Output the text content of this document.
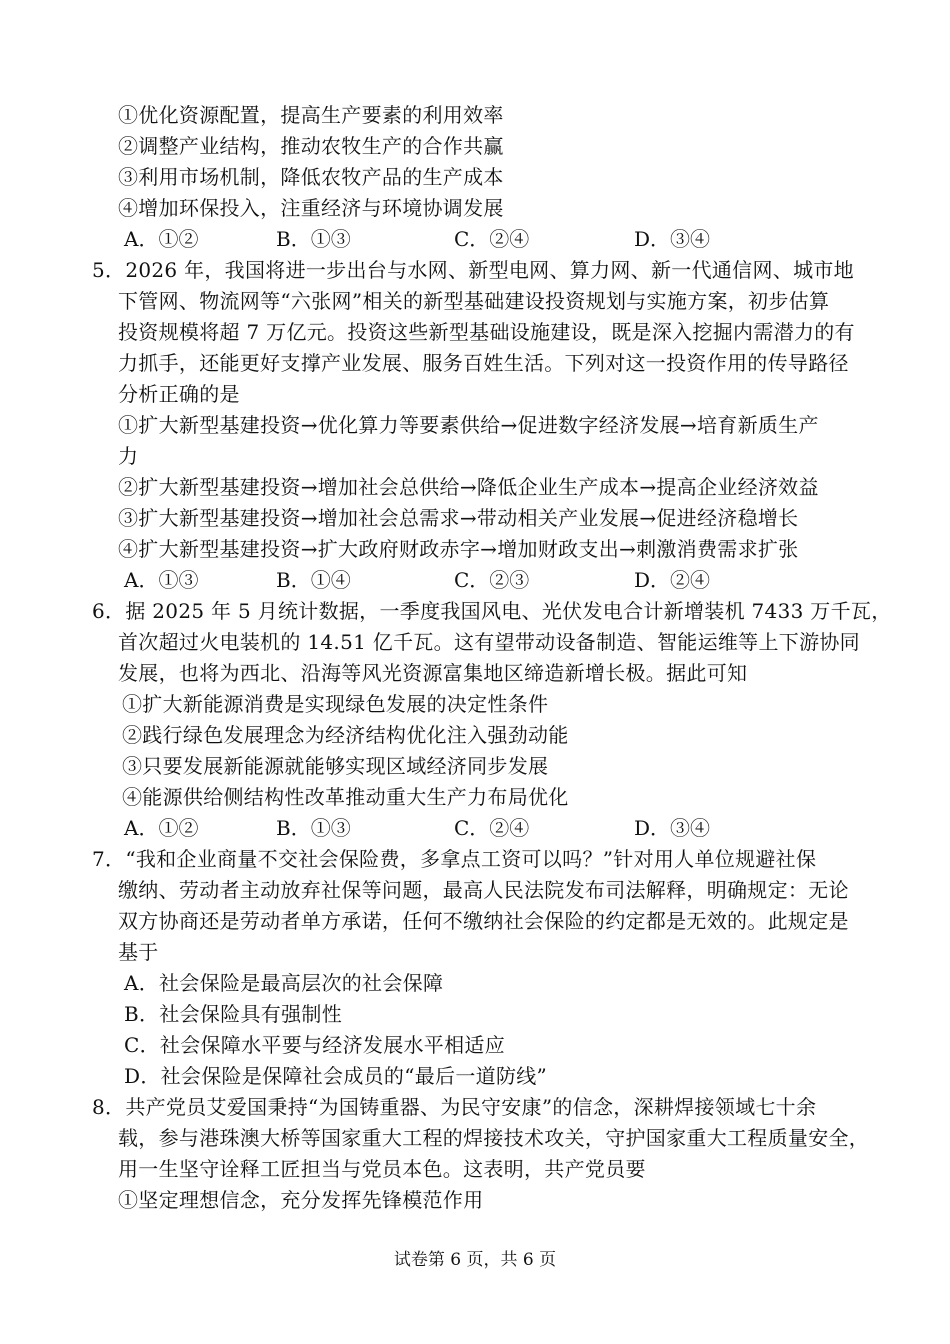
①优化资源配置，提高生产要素的利用效率
②调整产业结构，推动农牧生产的合作共赢
③利用市场机制，降低农牧产品的生产成本
④增加环保投入，注重经济与环境协调发展
A．①②	B．①③	C．②④	D．③④
5．2026 年，我国将进一步出台与水网、新型电网、算力网、新一代通信网、城市地
下管网、物流网等“六张网”相关的新型基础建设投资规划与实施方案，初步估算
投资规模将超 7 万亿元。投资这些新型基础设施建设，既是深入挖掘内需潜力的有
力抓手，还能更好支撑产业发展、服务百姓生活。下列对这一投资作用的传导路径
分析正确的是
①扩大新型基建投资→优化算力等要素供给→促进数字经济发展→培育新质生产
力
②扩大新型基建投资→增加社会总供给→降低企业生产成本→提高企业经济效益
③扩大新型基建投资→增加社会总需求→带动相关产业发展→促进经济稳增长
④扩大新型基建投资→扩大政府财政赤字→增加财政支出→刺激消费需求扩张
A．①③	B．①④	C．②③	D．②④
6．据 2025 年 5 月统计数据，一季度我国风电、光伏发电合计新增装机 7433 万千瓦，
首次超过火电装机的 14.51 亿千瓦。这有望带动设备制造、智能运维等上下游协同
发展，也将为西北、沿海等风光资源富集地区缔造新增长极。据此可知
①扩大新能源消费是实现绿色发展的决定性条件
②践行绿色发展理念为经济结构优化注入强劲动能
③只要发展新能源就能够实现区域经济同步发展
④能源供给侧结构性改革推动重大生产力布局优化
A．①②	B．①③	C．②④	D．③④
7．“我和企业商量不交社会保险费，多拿点工资可以吗？”针对用人单位规避社保
缴纳、劳动者主动放弃社保等问题，最高人民法院发布司法解释，明确规定：无论
双方协商还是劳动者单方承诺，任何不缴纳社会保险的约定都是无效的。此规定是
基于
A．社会保险是最高层次的社会保障
B．社会保险具有强制性
C．社会保障水平要与经济发展水平相适应
D．社会保险是保障社会成员的“最后一道防线”
8．共产党员艾爱国秉持“为国铸重器、为民守安康”的信念，深耕焊接领域七十余
载，参与港珠澳大桥等国家重大工程的焊接技术攻关，守护国家重大工程质量安全，
用一生坚守诠释工匠担当与党员本色。这表明，共产党员要
①坚定理想信念，充分发挥先锋模范作用
试卷第 6 页，共 6 页
